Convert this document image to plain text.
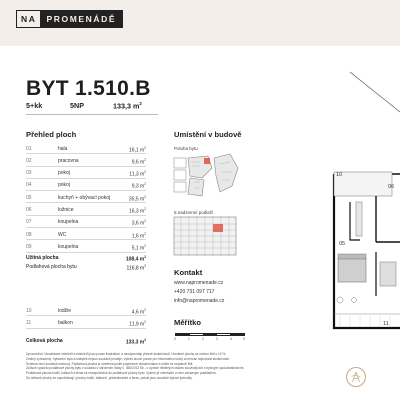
NA	PROMENÁDĚ
BYT 1.510.B
5+kk	5NP	133,3 $m^2$
Přehled ploch
01	hala	16,1 $m^2$
02	pracovna	9,6 $m^2$
03	pokoj	11,3 $m^2$
04	pokoj	9,3 $m^2$
05	kuchyň + obývací pokoj	35,5 $m^2$
06	ložnice	16,3 $m^2$
07	koupelna	3,6 $m^2$
08	WC	1,6 $m^2$
09	koupelna	5,1 $m^2$
Užitná plocha	108,4 $m^2$
Podlahová plocha bytu	116,8 $m^2$
10	lodžie	4,6 $m^2$
11	balkon	11,9 $m^2$
Celková plocha	133,3 $m^2$
Upozornění: Vizualizace interiérů a exteriérů jsou pouze ilustrativní a neodpovídají přesně skutečnosti. Uvedené plochy se mohou lišit o ±3 %.
Změny vyhrazeny. Vybavení bytu a nábytek nejsou součástí prodeje, výkres slouží pouze pro informativní účely a nemusí odpovídat skutečnosti.
Schéma není součástí smlouvy. Podlahová plocha je uvedena podle projektové dokumentace a může se nepatrně lišit.
Způsob výpočtu podlahové plochy bytu v souladu s nařízením vlády č. 366/2013 Sb., o úpravě některých otázek souvisejících s bytovým spoluvlastnictvím.
Podlahová plocha lodžií, balkonů a teras se nezapočítává do podlahové plochy bytu. Výkres je orientační a není závazným podkladem.
Do celkové plochy se započítávají i plochy lodžií, balkonů, předzahrádek a teras, pokud jsou součástí bytové jednotky.
Umístění v budově
Poloha bytu
5.nadzemní podlaží
Kontakt
www.napromenade.cz
+420 731 097 717
info@napromenade.cz
Měřítko
0	1	2	3	4	5
10
06
05
11
